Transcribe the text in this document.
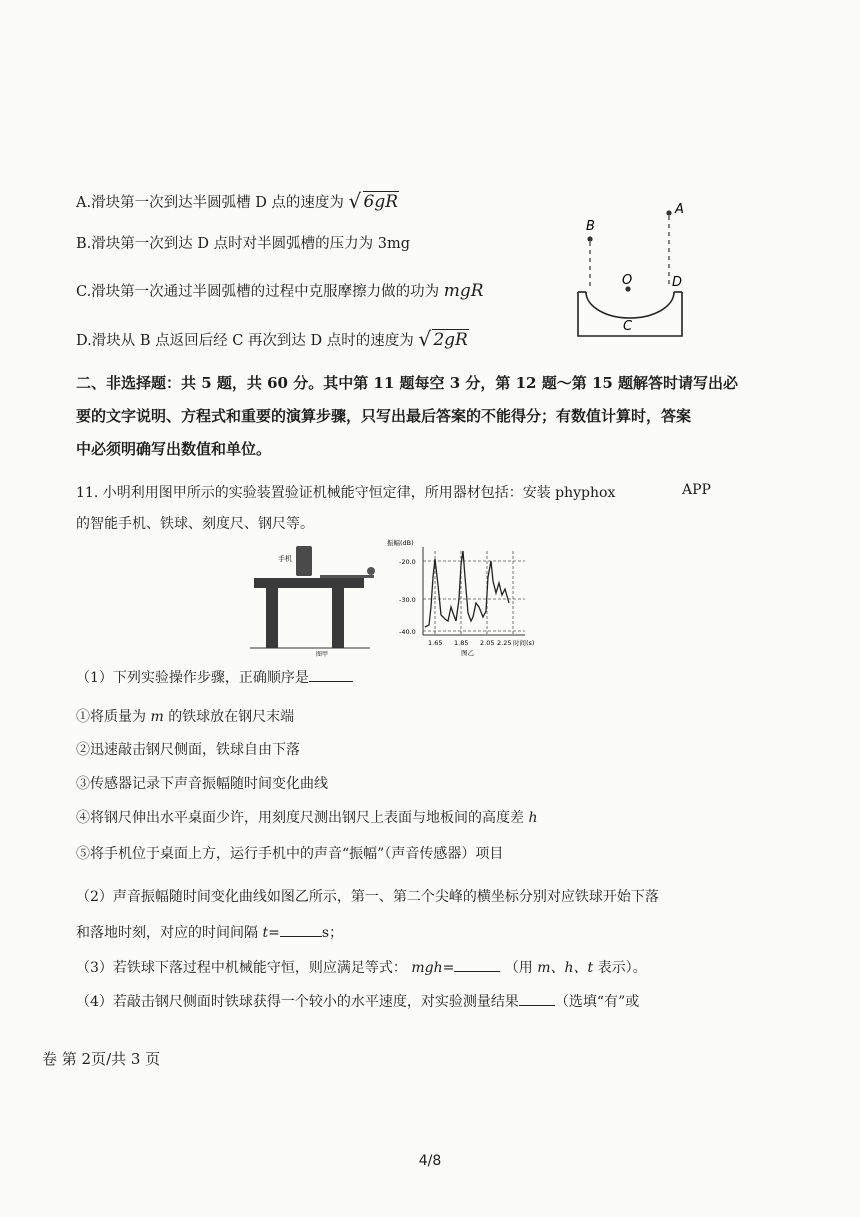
A.滑块第一次到达半圆弧槽 D 点的速度为 √ 6gR
B.滑块第一次到达 D 点时对半圆弧槽的压力为 3mg
C.滑块第一次通过半圆弧槽的过程中克服摩擦力做的功为 mgR
D.滑块从 B 点返回后经 C 再次到达 D 点时的速度为 √ 2gR
A
B
O	D
C
二、非选择题：共 5 题，共 60 分。其中第 11 题每空 3 分，第 12 题～第 15 题解答时请写出必
要的文字说明、方程式和重要的演算步骤，只写出最后答案的不能得分；有数值计算时，答案
中必须明确写出数值和单位。
11. 小明利用图甲所示的实验装置验证机械能守恒定律，所用器材包括：安装 phyphox	APP
的智能手机、铁球、刻度尺、钢尺等。
手机
图甲
振幅(dB)
-20.0
-30.0
-40.0
1.65 1.85 2.05 2.25 时间(s)
图乙
（1）下列实验操作步骤，正确顺序是
①将质量为 m 的铁球放在钢尺末端
②迅速敲击钢尺侧面，铁球自由下落
③传感器记录下声音振幅随时间变化曲线
④将钢尺伸出水平桌面少许，用刻度尺测出钢尺上表面与地板间的高度差 h
⑤将手机位于桌面上方，运行手机中的声音“振幅”（声音传感器）项目
（2）声音振幅随时间变化曲线如图乙所示，第一、第二个尖峰的横坐标分别对应铁球开始下落
和落地时刻，对应的时间间隔 t=	s；
（3）若铁球下落过程中机械能守恒，则应满足等式： mgh=	（用 m、h、t 表示）。
（4）若敲击钢尺侧面时铁球获得一个较小的水平速度，对实验测量结果	（选填“有”或
卷 第 2页/共 3 页
4/8
